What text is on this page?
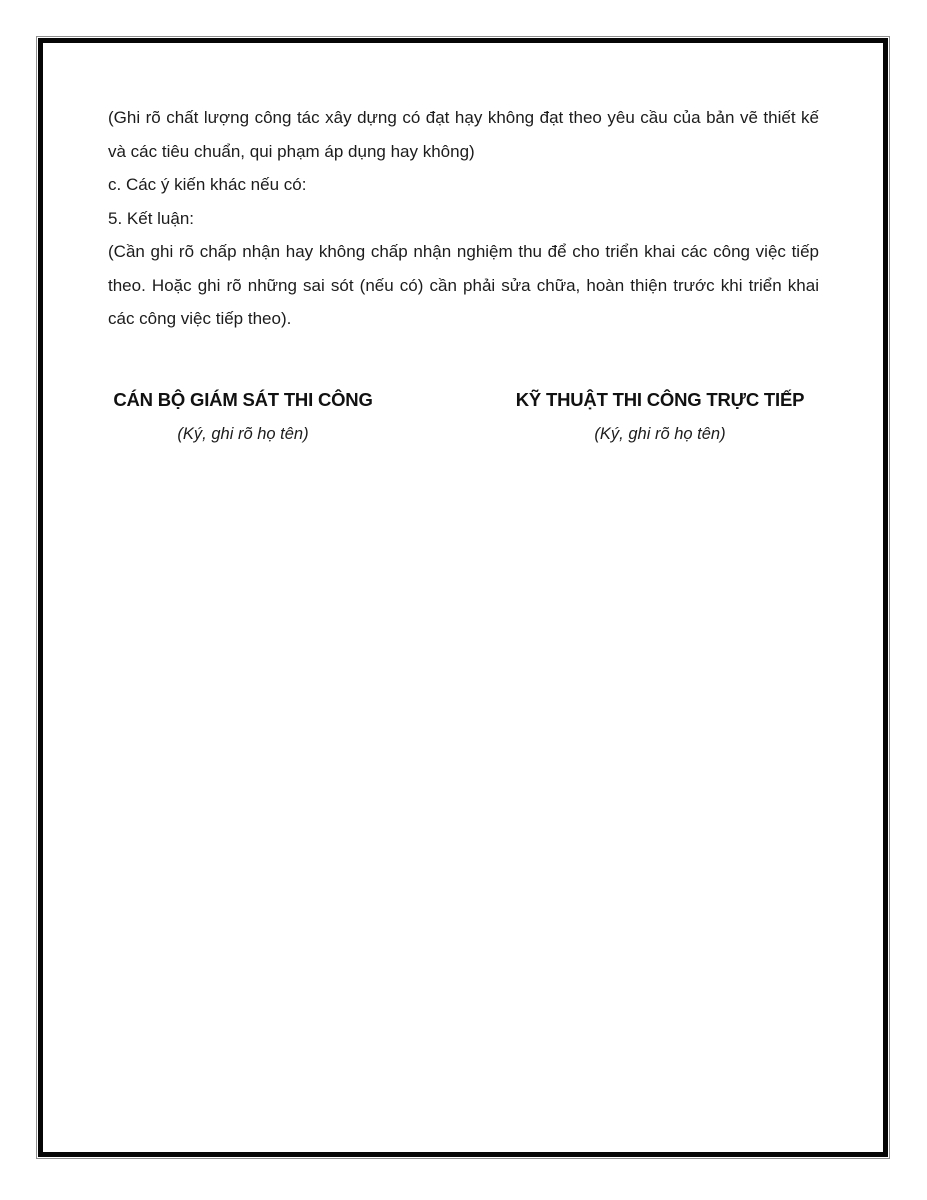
(Ghi rõ chất lượng công tác xây dựng có đạt hạy không đạt theo yêu cầu của bản vẽ thiết kế và các tiêu chuẩn, qui phạm áp dụng hay không)

c. Các ý kiến khác nếu có:

5. Kết luận:

(Cần ghi rõ chấp nhận hay không chấp nhận nghiệm thu để cho triển khai các công việc tiếp theo. Hoặc ghi rõ những sai sót (nếu có) cần phải sửa chữa, hoàn thiện trước khi triển khai các công việc tiếp theo).

CÁN BỘ GIÁM SÁT THI CÔNG
(Ký, ghi rõ họ tên)
KỸ THUẬT THI CÔNG TRỰC TIẾP
(Ký, ghi rõ họ tên)
